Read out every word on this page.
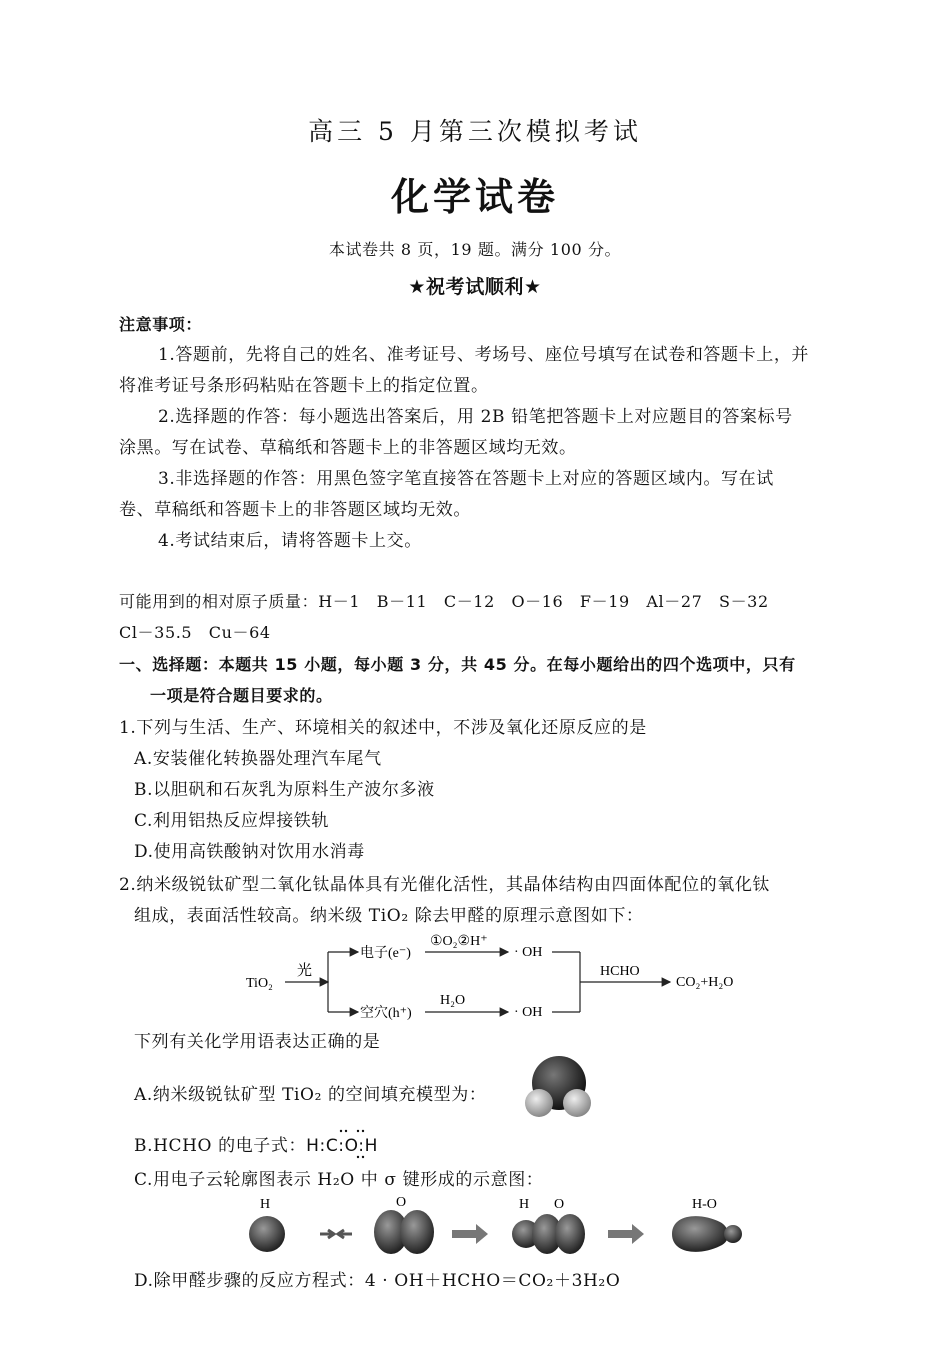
高三 5 月第三次模拟考试
化学试卷
本试卷共 8 页，19 题。满分 100 分。
★祝考试顺利★
注意事项：
1.答题前，先将自己的姓名、准考证号、考场号、座位号填写在试卷和答题卡上，并
将准考证号条形码粘贴在答题卡上的指定位置。
2.选择题的作答：每小题选出答案后，用 2B 铅笔把答题卡上对应题目的答案标号
涂黑。写在试卷、草稿纸和答题卡上的非答题区域均无效。
3.非选择题的作答：用黑色签字笔直接答在答题卡上对应的答题区域内。写在试
卷、草稿纸和答题卡上的非答题区域均无效。
4.考试结束后，请将答题卡上交。
可能用到的相对原子质量：H－1　B－11　C－12　O－16　F－19　Al－27　S－32
Cl－35.5　Cu－64
一、选择题：本题共 15 小题，每小题 3 分，共 45 分。在每小题给出的四个选项中，只有
一项是符合题目要求的。
1.下列与生活、生产、环境相关的叙述中，不涉及氧化还原反应的是
A.安装催化转换器处理汽车尾气
B.以胆矾和石灰乳为原料生产波尔多液
C.利用铝热反应焊接铁轨
D.使用高铁酸钠对饮用水消毒
2.纳米级锐钛矿型二氧化钛晶体具有光催化活性，其晶体结构由四面体配位的氧化钛
组成，表面活性较高。纳米级 TiO₂ 除去甲醛的原理示意图如下：
TiO₂
光
电子(e⁻)
①O₂②H⁺
· OH
空穴(h⁺)
H₂O
· OH
HCHO
CO₂+H₂O
下列有关化学用语表达正确的是
A.纳米级锐钛矿型 TiO₂ 的空间填充模型为：
B.HCHO 的电子式：H:C:O:H
C.用电子云轮廓图表示 H₂O 中 σ 键形成的示意图：
H	O	H O	H-O
D.除甲醛步骤的反应方程式：4 · OH＋HCHO＝CO₂＋3H₂O
